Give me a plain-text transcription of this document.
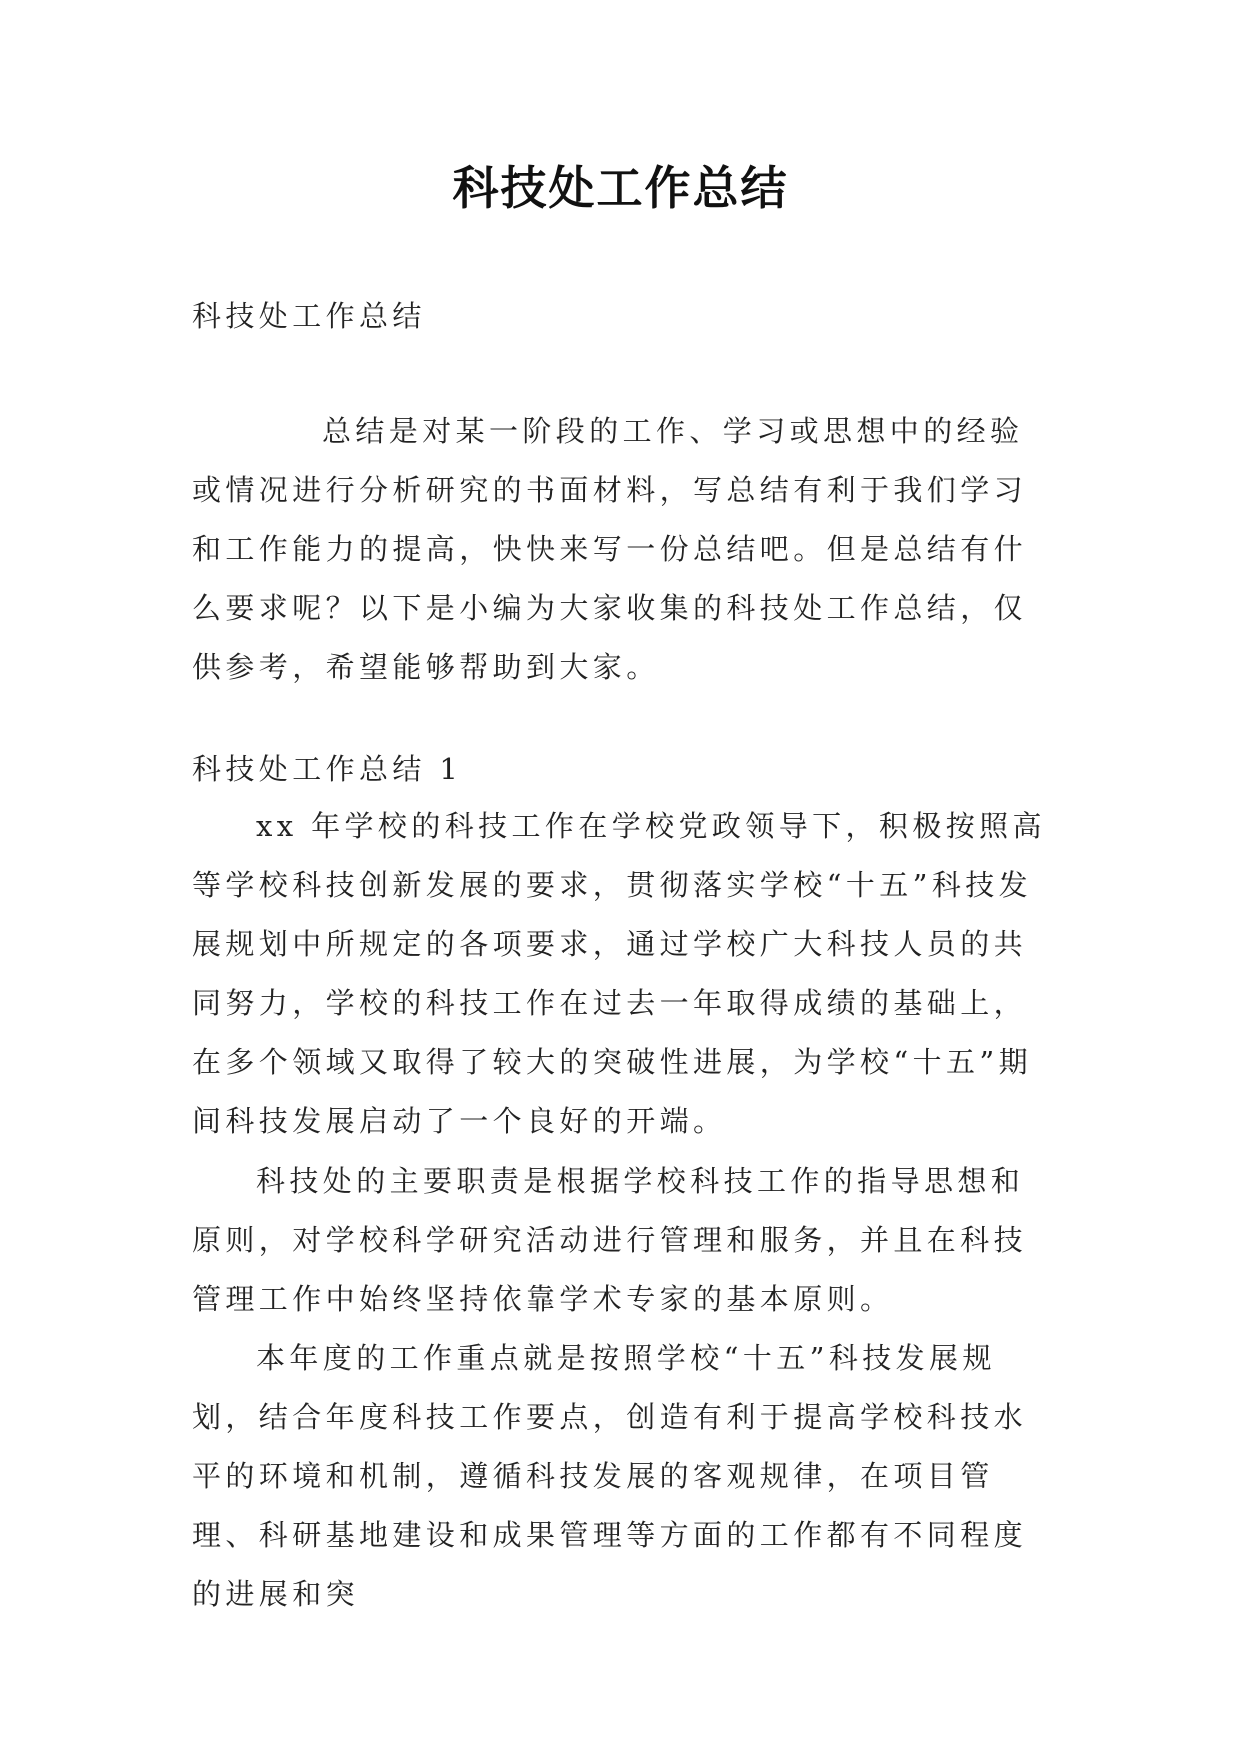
科技处工作总结

科技处工作总结

总结是对某一阶段的工作、学习或思想中的经验或情况进行分析研究的书面材料，写总结有利于我们学习和工作能力的提高，快快来写一份总结吧。但是总结有什么要求呢？以下是小编为大家收集的科技处工作总结，仅供参考，希望能够帮助到大家。

科技处工作总结 1

xx 年学校的科技工作在学校党政领导下，积极按照高等学校科技创新发展的要求，贯彻落实学校“十五”科技发展规划中所规定的各项要求，通过学校广大科技人员的共同努力，学校的科技工作在过去一年取得成绩的基础上，在多个领域又取得了较大的突破性进展，为学校“十五”期间科技发展启动了一个良好的开端。

科技处的主要职责是根据学校科技工作的指导思想和原则，对学校科学研究活动进行管理和服务，并且在科技管理工作中始终坚持依靠学术专家的基本原则。

本年度的工作重点就是按照学校“十五”科技发展规划，结合年度科技工作要点，创造有利于提高学校科技水平的环境和机制，遵循科技发展的客观规律，在项目管理、科研基地建设和成果管理等方面的工作都有不同程度的进展和突
